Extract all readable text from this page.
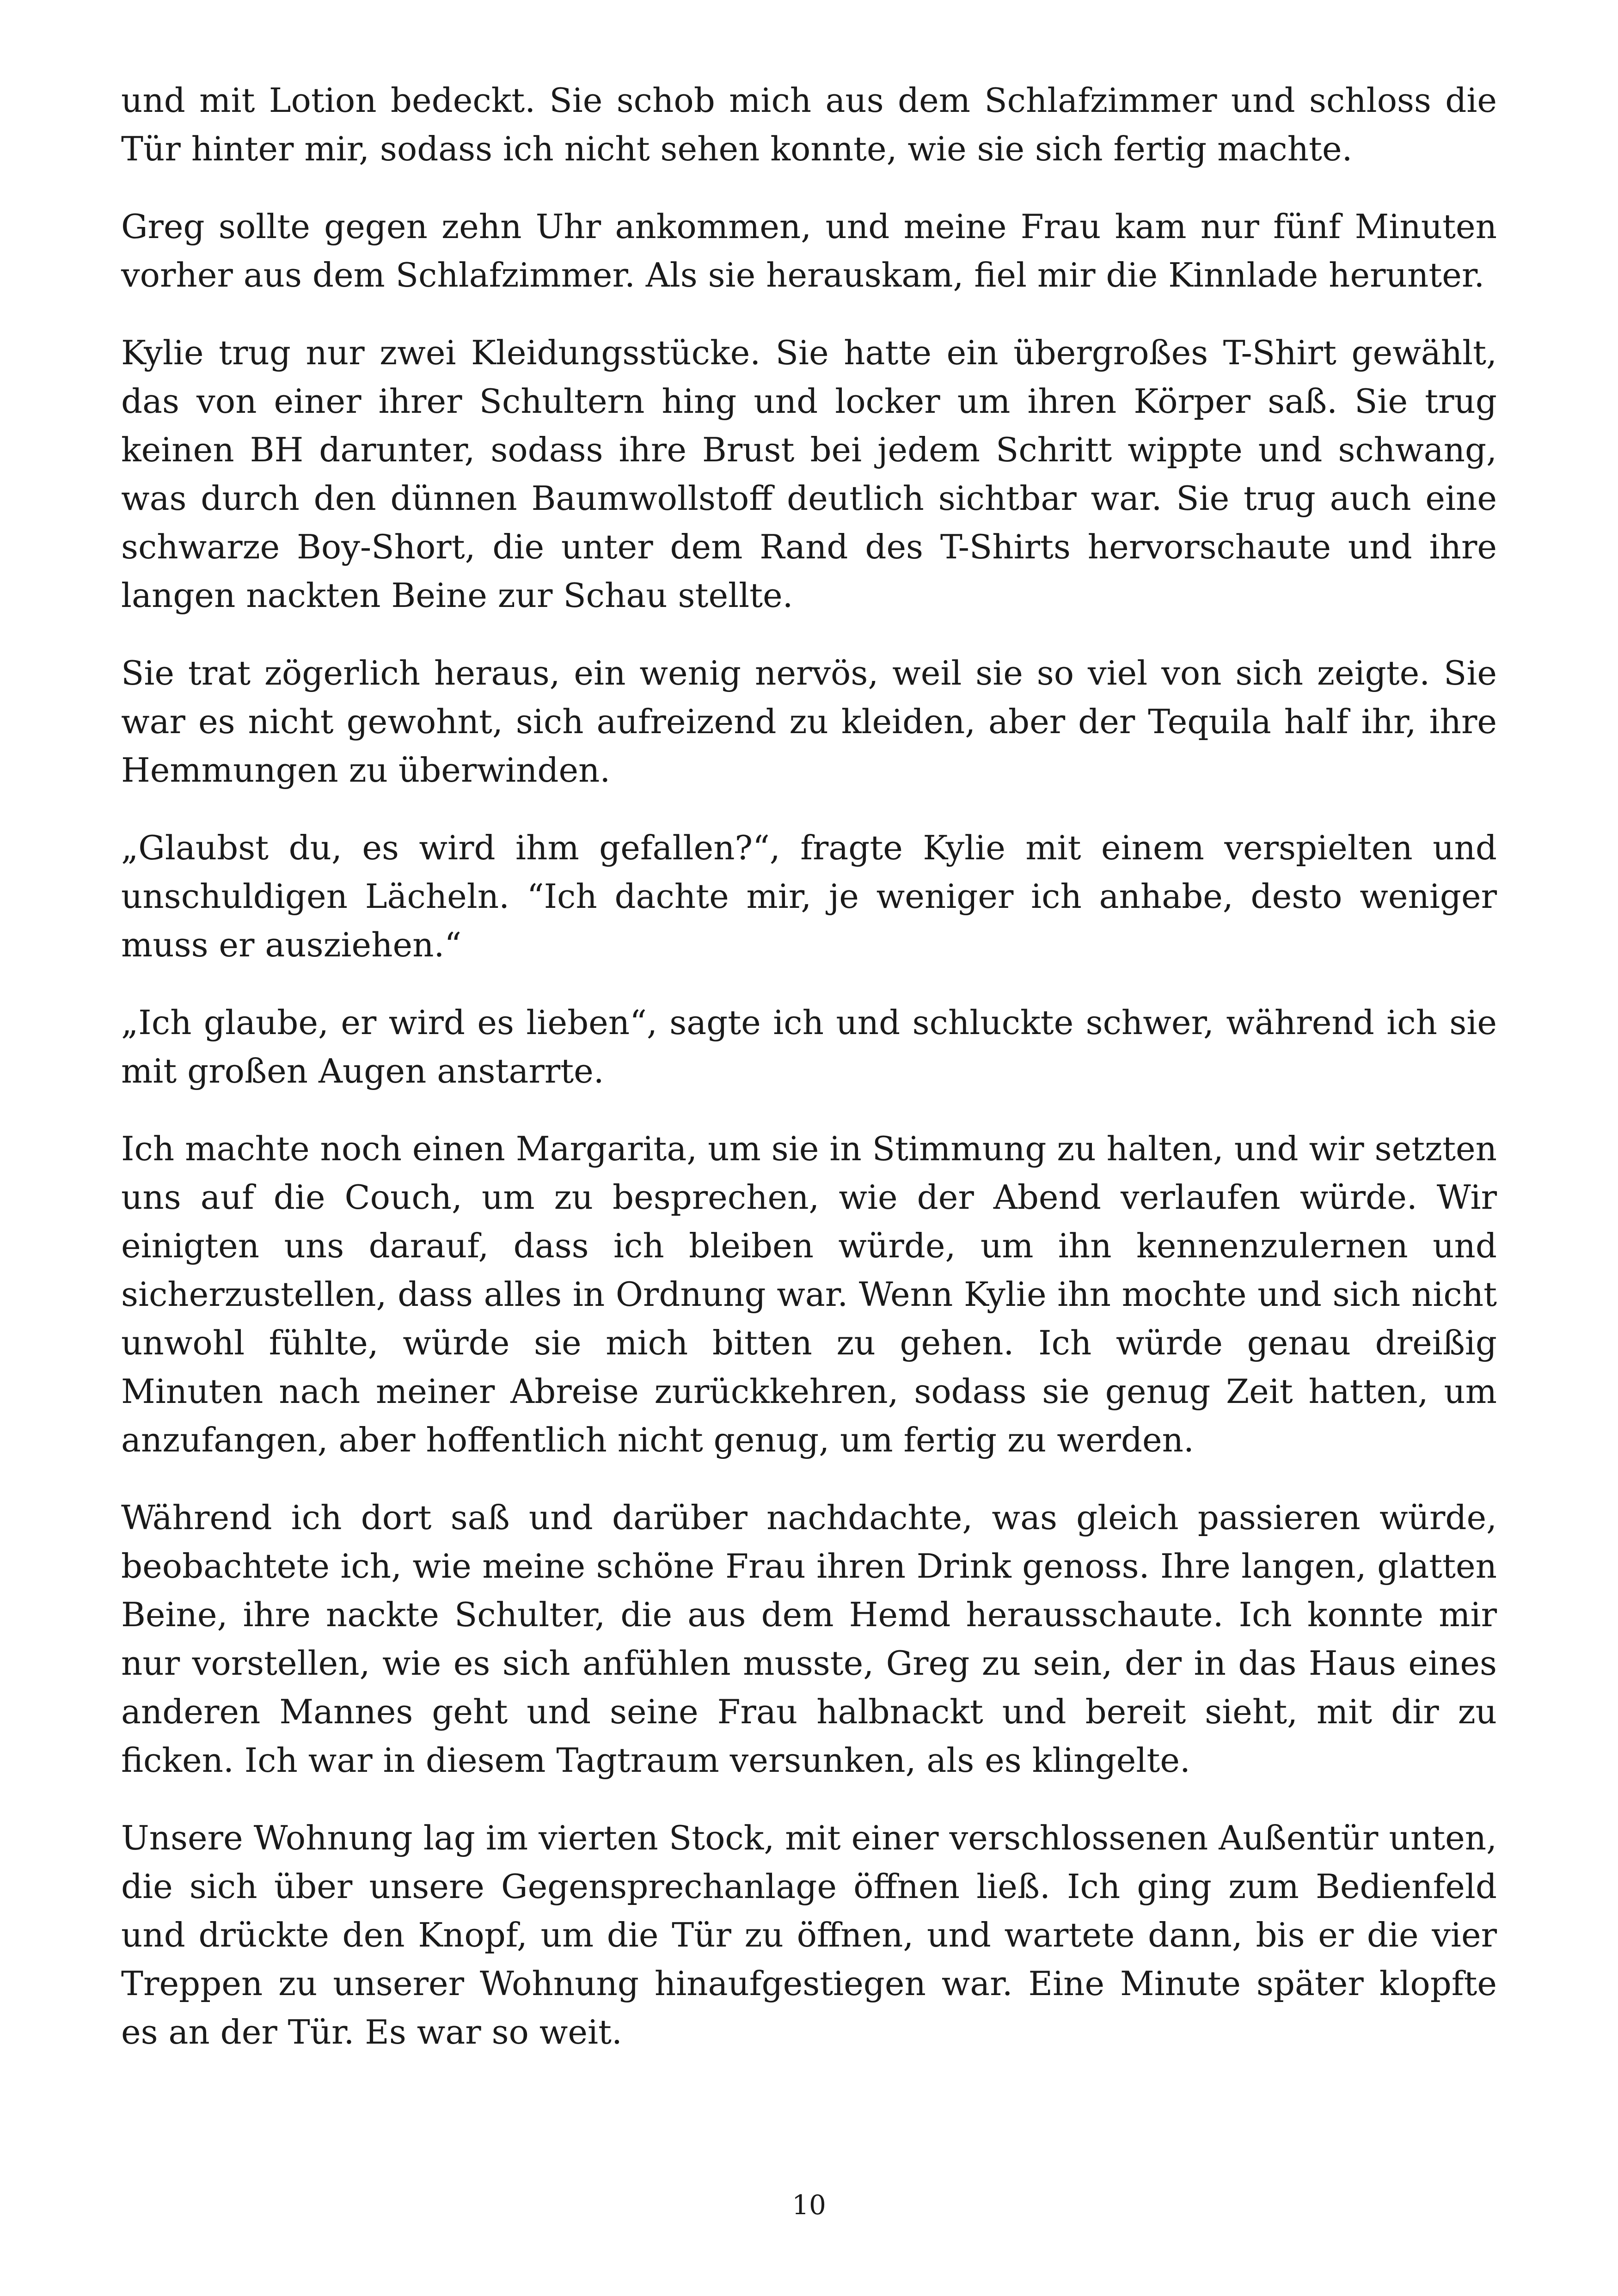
und mit Lotion bedeckt. Sie schob mich aus dem Schlafzimmer und schloss die Tür hinter mir, sodass ich nicht sehen konnte, wie sie sich fertig machte.

Greg sollte gegen zehn Uhr ankommen, und meine Frau kam nur fünf Minuten vorher aus dem Schlafzimmer. Als sie herauskam, fiel mir die Kinnlade herunter.

Kylie trug nur zwei Kleidungsstücke. Sie hatte ein übergroßes T-Shirt gewählt, das von einer ihrer Schultern hing und locker um ihren Körper saß. Sie trug keinen BH darunter, sodass ihre Brust bei jedem Schritt wippte und schwang, was durch den dünnen Baumwollstoff deutlich sichtbar war. Sie trug auch eine schwarze Boy-Short, die unter dem Rand des T-Shirts hervorschaute und ihre langen nackten Beine zur Schau stellte.

Sie trat zögerlich heraus, ein wenig nervös, weil sie so viel von sich zeigte. Sie war es nicht gewohnt, sich aufreizend zu kleiden, aber der Tequila half ihr, ihre Hemmungen zu überwinden.

„Glaubst du, es wird ihm gefallen?“, fragte Kylie mit einem verspielten und unschuldigen Lächeln. “Ich dachte mir, je weniger ich anhabe, desto weniger muss er ausziehen.“

„Ich glaube, er wird es lieben“, sagte ich und schluckte schwer, während ich sie mit großen Augen anstarrte.

Ich machte noch einen Margarita, um sie in Stimmung zu halten, und wir setzten uns auf die Couch, um zu besprechen, wie der Abend verlaufen würde. Wir einigten uns darauf, dass ich bleiben würde, um ihn kennenzulernen und sicherzustellen, dass alles in Ordnung war. Wenn Kylie ihn mochte und sich nicht unwohl fühlte, würde sie mich bitten zu gehen. Ich würde genau dreißig Minuten nach meiner Abreise zurückkehren, sodass sie genug Zeit hatten, um anzufangen, aber hoffentlich nicht genug, um fertig zu werden.

Während ich dort saß und darüber nachdachte, was gleich passieren würde, beobachtete ich, wie meine schöne Frau ihren Drink genoss. Ihre langen, glatten Beine, ihre nackte Schulter, die aus dem Hemd herausschaute. Ich konnte mir nur vorstellen, wie es sich anfühlen musste, Greg zu sein, der in das Haus eines anderen Mannes geht und seine Frau halbnackt und bereit sieht, mit dir zu ficken. Ich war in diesem Tagtraum versunken, als es klingelte.

Unsere Wohnung lag im vierten Stock, mit einer verschlossenen Außentür unten, die sich über unsere Gegensprechanlage öffnen ließ. Ich ging zum Bedienfeld und drückte den Knopf, um die Tür zu öffnen, und wartete dann, bis er die vier Treppen zu unserer Wohnung hinaufgestiegen war. Eine Minute später klopfte es an der Tür. Es war so weit.

10
